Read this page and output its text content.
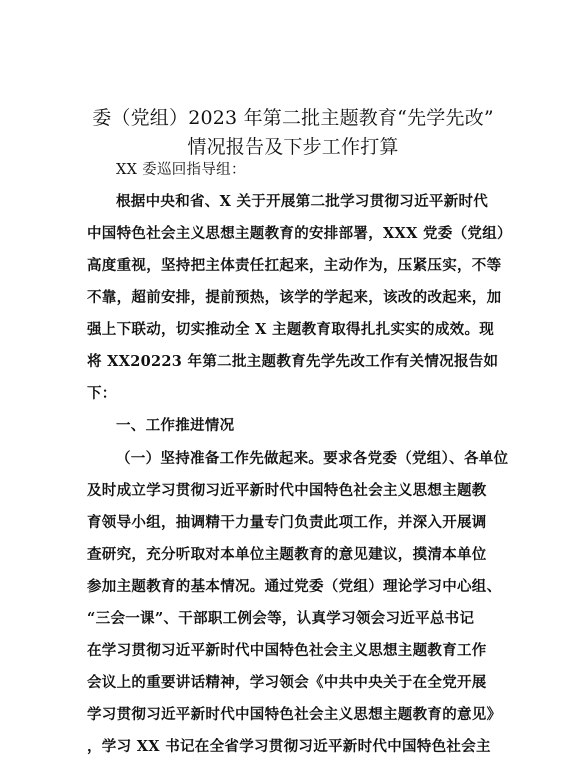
委（党组）2023 年第二批主题教育“先学先改”
情况报告及下步工作打算
XX 委巡回指导组：
根据中央和省、X 关于开展第二批学习贯彻习近平新时代
中国特色社会主义思想主题教育的安排部署，XXX 党委（党组）
高度重视，坚持把主体责任扛起来，主动作为，压紧压实，不等
不靠，超前安排，提前预热，该学的学起来，该改的改起来，加
强上下联动，切实推动全 X 主题教育取得扎扎实实的成效。现
将 XX20223 年第二批主题教育先学先改工作有关情况报告如
下：
一、工作推进情况
（一）坚持准备工作先做起来。要求各党委（党组）、各单位
及时成立学习贯彻习近平新时代中国特色社会主义思想主题教
育领导小组，抽调精干力量专门负责此项工作，并深入开展调
查研究，充分听取对本单位主题教育的意见建议，摸清本单位
参加主题教育的基本情况。通过党委（党组）理论学习中心组、
“三会一课”、干部职工例会等，认真学习领会习近平总书记
在学习贯彻习近平新时代中国特色社会主义思想主题教育工作
会议上的重要讲话精神，学习领会《中共中央关于在全党开展
学习贯彻习近平新时代中国特色社会主义思想主题教育的意见》
，学习 XX 书记在全省学习贯彻习近平新时代中国特色社会主
